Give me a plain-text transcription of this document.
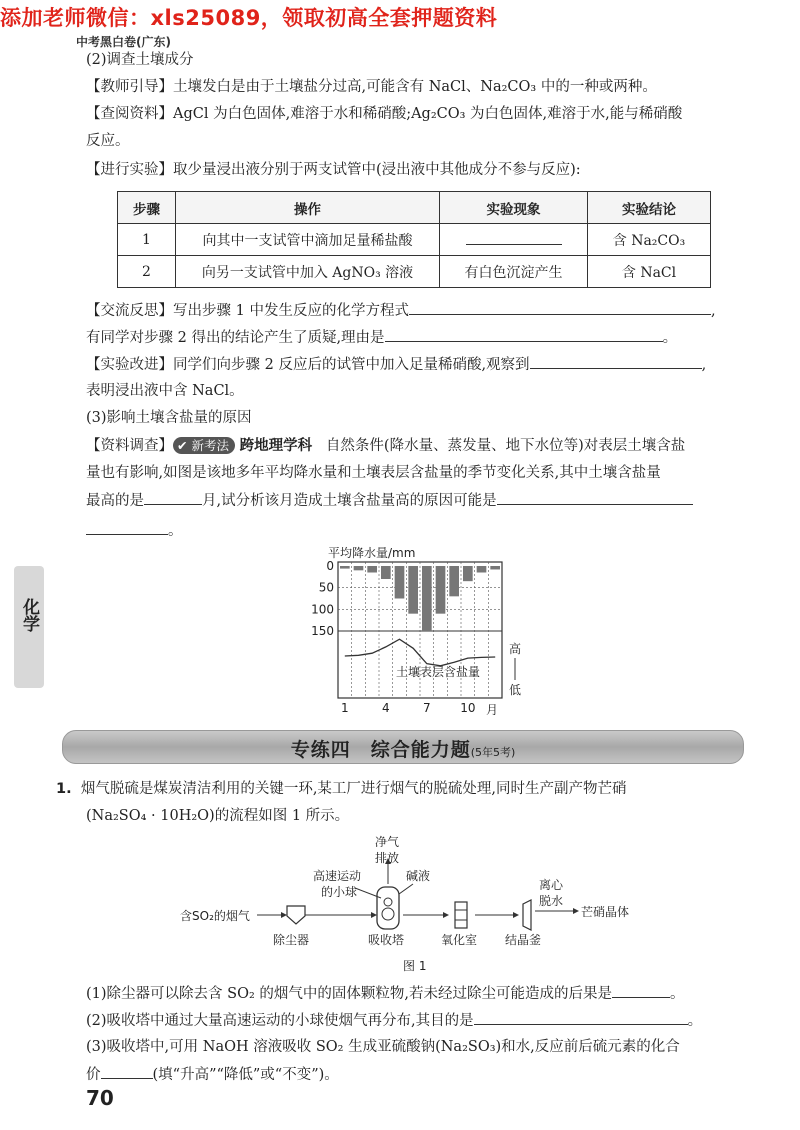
添加老师微信：xls25089，领取初高全套押题资料
中考黑白卷(广东)
(2)调查土壤成分
【教师引导】土壤发白是由于土壤盐分过高,可能含有 NaCl、Na₂CO₃ 中的一种或两种。
【查阅资料】AgCl 为白色固体,难溶于水和稀硝酸;Ag₂CO₃ 为白色固体,难溶于水,能与稀硝酸
反应。
【进行实验】取少量浸出液分别于两支试管中(浸出液中其他成分不参与反应):
步骤	操作	实验现象	实验结论
1	向其中一支试管中滴加足量稀盐酸		含 Na₂CO₃
2	向另一支试管中加入 AgNO₃ 溶液	有白色沉淀产生	含 NaCl
【交流反思】写出步骤 1 中发生反应的化学方程式	,
有同学对步骤 2 得出的结论产生了质疑,理由是	。
【实验改进】同学们向步骤 2 反应后的试管中加入足量稀硝酸,观察到	,
表明浸出液中含 NaCl。
(3)影响土壤含盐量的原因
【资料调查】 ✔ 新考法 跨地理学科 自然条件(降水量、蒸发量、地下水位等)对表层土壤含盐
量也有影响,如图是该地多年平均降水量和土壤表层含盐量的季节变化关系,其中土壤含盐量
最高的是	月,试分析该月造成土壤含盐量高的原因可能是
。
平均降水量/mm
0
50
100
150
1	4	7 10
土壤表层含盐量
高
低
月
化学
专练四　综合能力题(5年5考)
1. 烟气脱硫是煤炭清洁利用的关键一环,某工厂进行烟气的脱硫处理,同时生产副产物芒硝
(Na₂SO₄ · 10H₂O)的流程如图 1 所示。
含SO₂的烟气
除尘器
高速运动
的小球
净气
排放
碱液
吸收塔	氧化室 结晶釜
离心
脱水
芒硝晶体
图 1
(1)除尘器可以除去含 SO₂ 的烟气中的固体颗粒物,若未经过除尘可能造成的后果是	。
(2)吸收塔中通过大量高速运动的小球使烟气再分布,其目的是	。
(3)吸收塔中,可用 NaOH 溶液吸收 SO₂ 生成亚硫酸钠(Na₂SO₃)和水,反应前后硫元素的化合
价	(填“升高”“降低”或“不变”)。
70
